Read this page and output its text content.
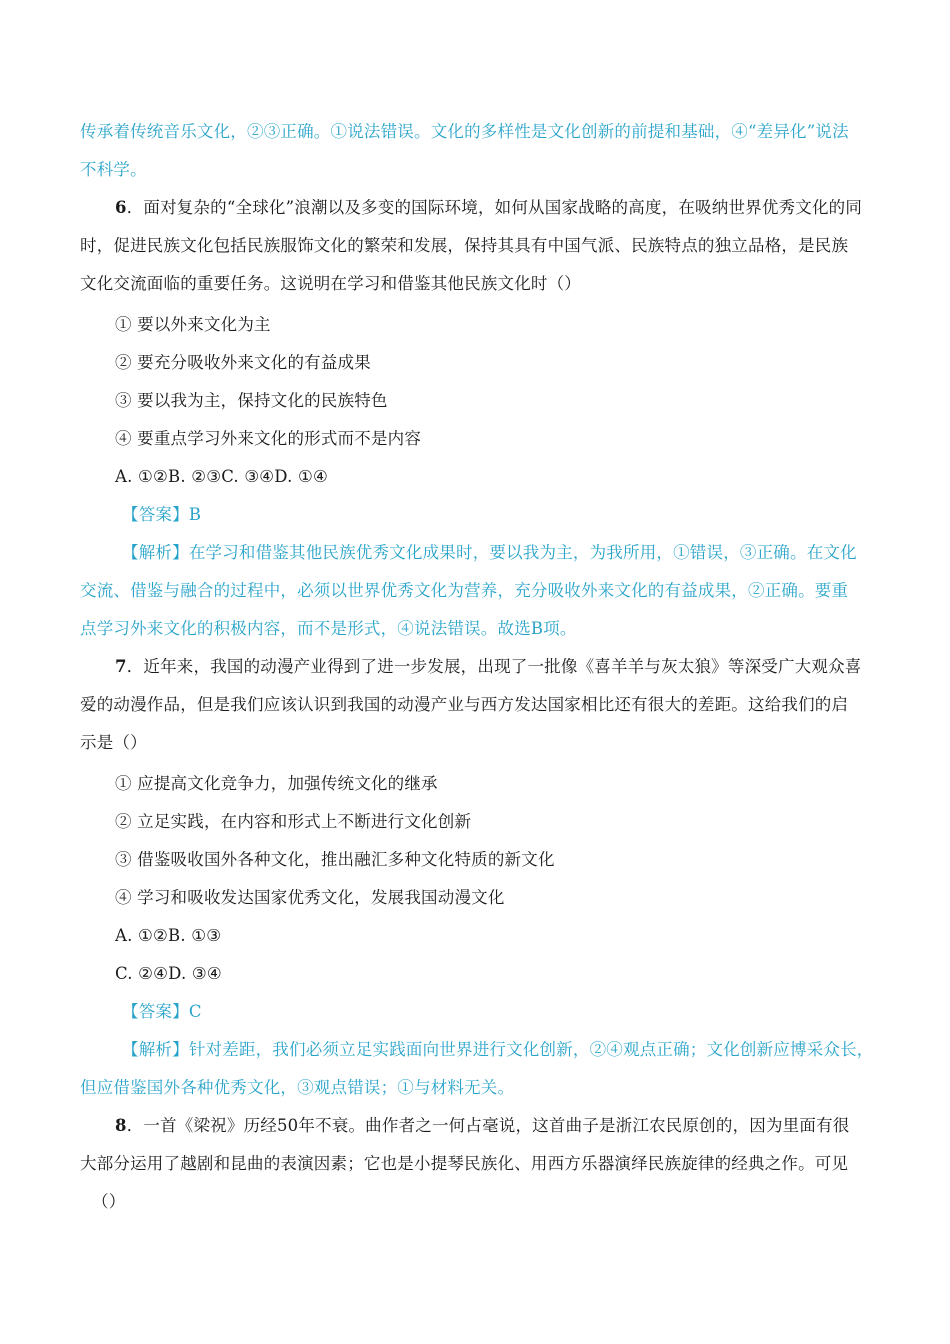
传承着传统音乐文化，②③正确。①说法错误。文化的多样性是文化创新的前提和基础，④“差异化”说法
不科学。
6．面对复杂的“全球化”浪潮以及多变的国际环境，如何从国家战略的高度，在吸纳世界优秀文化的同
时，促进民族文化包括民族服饰文化的繁荣和发展，保持其具有中国气派、民族特点的独立品格，是民族
文化交流面临的重要任务。这说明在学习和借鉴其他民族文化时（）
① 要以外来文化为主
② 要充分吸收外来文化的有益成果
③ 要以我为主，保持文化的民族特色
④ 要重点学习外来文化的形式而不是内容
A. ①②B. ②③C. ③④D. ①④
【答案】B
【解析】在学习和借鉴其他民族优秀文化成果时，要以我为主，为我所用，①错误，③正确。在文化
交流、借鉴与融合的过程中，必须以世界优秀文化为营养，充分吸收外来文化的有益成果，②正确。要重
点学习外来文化的积极内容，而不是形式，④说法错误。故选B项。
7．近年来，我国的动漫产业得到了进一步发展，出现了一批像《喜羊羊与灰太狼》等深受广大观众喜
爱的动漫作品，但是我们应该认识到我国的动漫产业与西方发达国家相比还有很大的差距。这给我们的启
示是（）
① 应提高文化竞争力，加强传统文化的继承
② 立足实践，在内容和形式上不断进行文化创新
③ 借鉴吸收国外各种文化，推出融汇多种文化特质的新文化
④ 学习和吸收发达国家优秀文化，发展我国动漫文化
A. ①②B. ①③
C. ②④D. ③④
【答案】C
【解析】针对差距，我们必须立足实践面向世界进行文化创新，②④观点正确；文化创新应博采众长，
但应借鉴国外各种优秀文化，③观点错误；①与材料无关。
8．一首《梁祝》历经50年不衰。曲作者之一何占毫说，这首曲子是浙江农民原创的，因为里面有很
大部分运用了越剧和昆曲的表演因素；它也是小提琴民族化、用西方乐器演绎民族旋律的经典之作。可见
（）
